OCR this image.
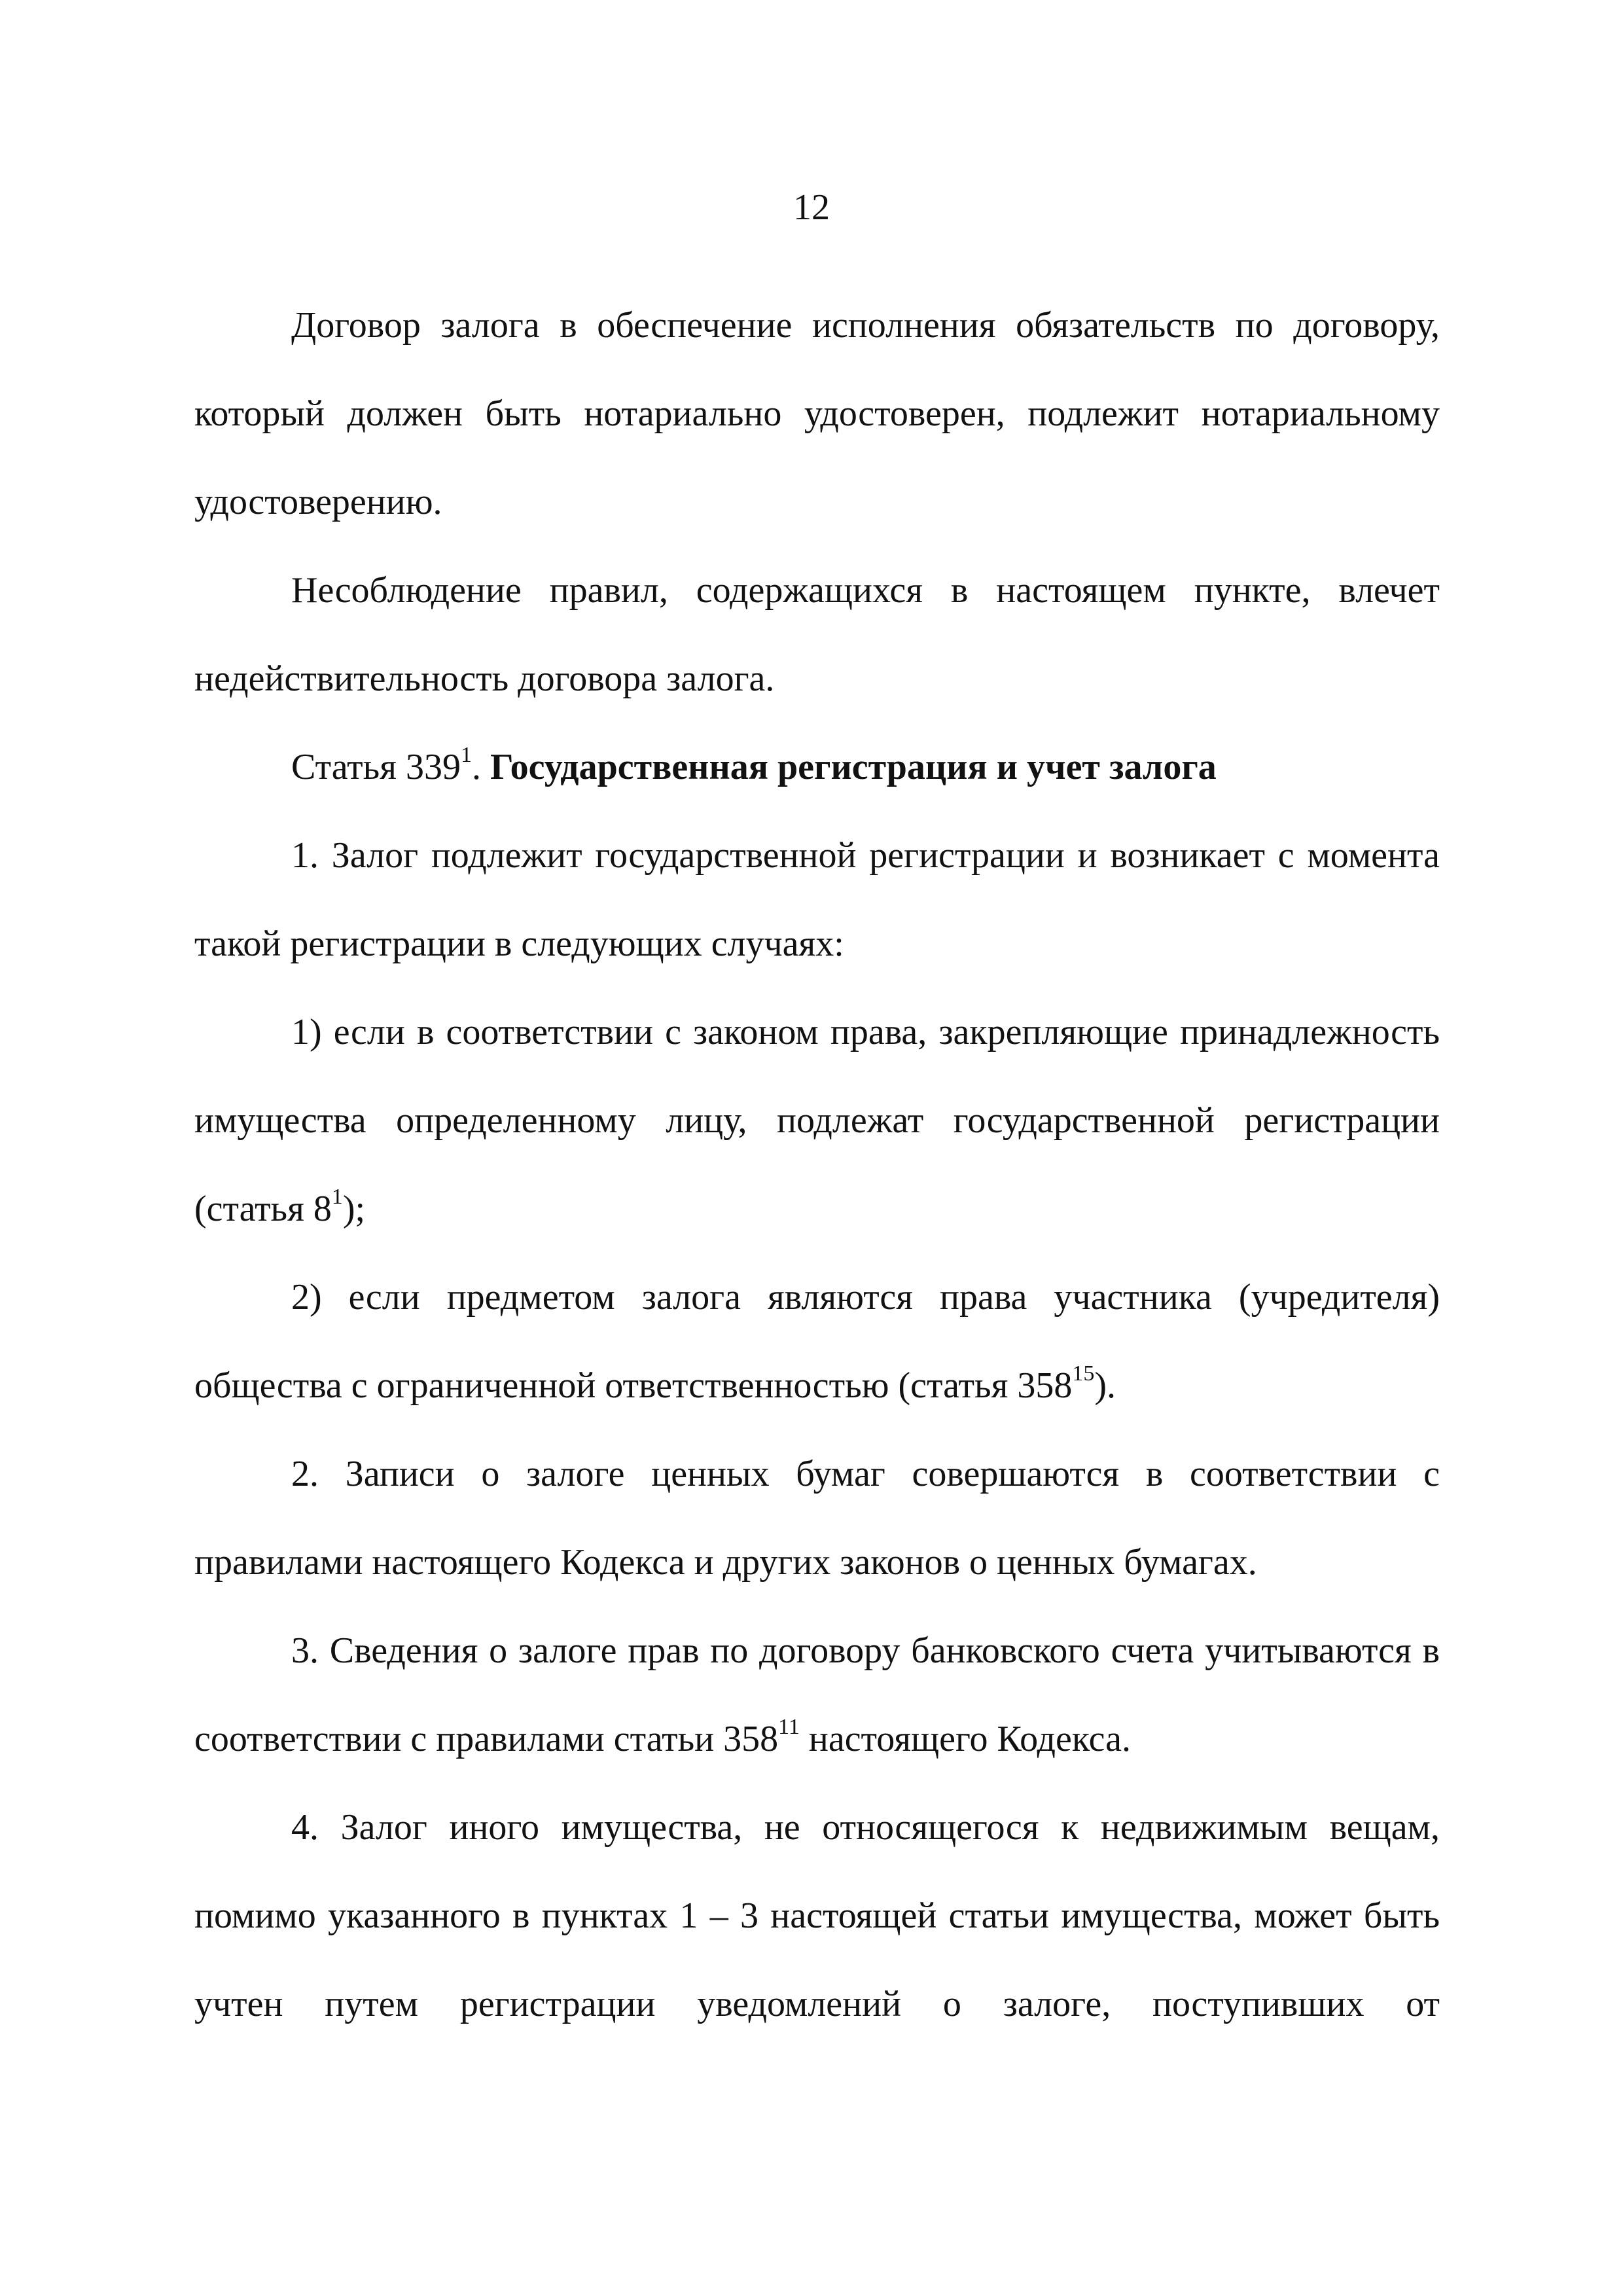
12

Договор залога в обеспечение исполнения обязательств по договору, который должен быть нотариально удостоверен, подлежит нотариальному удостоверению.

Несоблюдение правил, содержащихся в настоящем пункте, влечет недействительность договора залога.

Статья $339^1$. Государственная регистрация и учет залога

1. Залог подлежит государственной регистрации и возникает с момента такой регистрации в следующих случаях:

1) если в соответствии с законом права, закрепляющие принадлежность имущества определенному лицу, подлежат государственной регистрации (статья $8^1$);

2) если предметом залога являются права участника (учредителя) общества с ограниченной ответственностью (статья $358^{15}$).

2. Записи о залоге ценных бумаг совершаются в соответствии с правилами настоящего Кодекса и других законов о ценных бумагах.

3. Сведения о залоге прав по договору банковского счета учитываются в соответствии с правилами статьи $358^{11}$ настоящего Кодекса.

4. Залог иного имущества, не относящегося к недвижимым вещам, помимо указанного в пунктах 1 – 3 настоящей статьи имущества, может быть учтен путем регистрации уведомлений о залоге, поступивших от
